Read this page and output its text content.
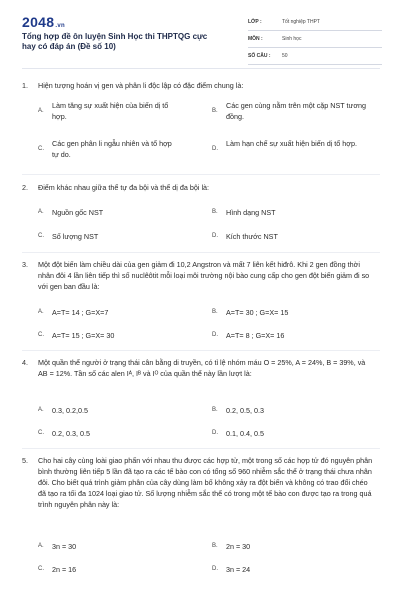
2048.vn
Tổng hợp đề ôn luyện Sinh Học thi THPTQG cực hay có đáp án (Đề số 10)
LỚP :	Tốt nghiệp THPT
MÔN :	Sinh học
SỐ CÂU :	50
1. Hiện tượng hoán vị gen và phân li độc lập có đặc điểm chung là:
A.
Làm tăng sự xuất hiện của biến dị tổ hợp.
B.
Các gen cùng nằm trên một cặp NST tương đồng.
C.
Các gen phân li ngẫu nhiên và tổ hợp tự do.
D.
Làm hạn chế sự xuất hiện biến dị tổ hợp.
2. Điểm khác nhau giữa thể tự đa bội và thể dị đa bội là:
A. Nguồn gốc NST	B. Hình dạng NST
C. Số lượng NST	D. Kích thước NST
3. Một đột biến làm chiều dài của gen giảm đi 10,2 Angstron và mất 7 liên kết hiđrô. Khi 2 gen đồng thời nhân đôi 4 lần liên tiếp thì số nuclêôtit mỗi loại môi trường nội bào cung cấp cho gen đột biến giảm đi so với gen ban đầu là:
A. A=T= 14 ; G=X=7	B. A=T= 30 ; G=X= 15
C. A=T= 15 ; G=X= 30	D. A=T= 8 ; G=X= 16
4. Một quần thể người ở trạng thái cân bằng di truyền, có tỉ lệ nhóm máu O = 25%, A = 24%, B = 39%, và AB = 12%. Tần số các alen Iᴬ, Iᴮ và Iᴼ của quần thể này lần lượt là:
A. 0.3, 0.2,0.5	B. 0.2, 0.5, 0.3
C. 0.2, 0.3, 0.5	D. 0.1, 0.4, 0.5
5. Cho hai cây cùng loài giao phấn với nhau thu được các hợp tử, một trong số các hợp tử đó nguyên phân bình thường liên tiếp 5 lần đã tạo ra các tế bào con có tổng số 960 nhiễm sắc thể ở trạng thái chưa nhân đôi. Cho biết quá trình giảm phân của cây dùng làm bố không xảy ra đột biến và không có trao đổi chéo đã tạo ra tối đa 1024 loại giao tử. Số lượng nhiễm sắc thể có trong một tế bào con được tạo ra trong quá trình nguyên phân này là:
A. 3n = 30	B. 2n = 30
C. 2n = 16	D. 3n = 24
